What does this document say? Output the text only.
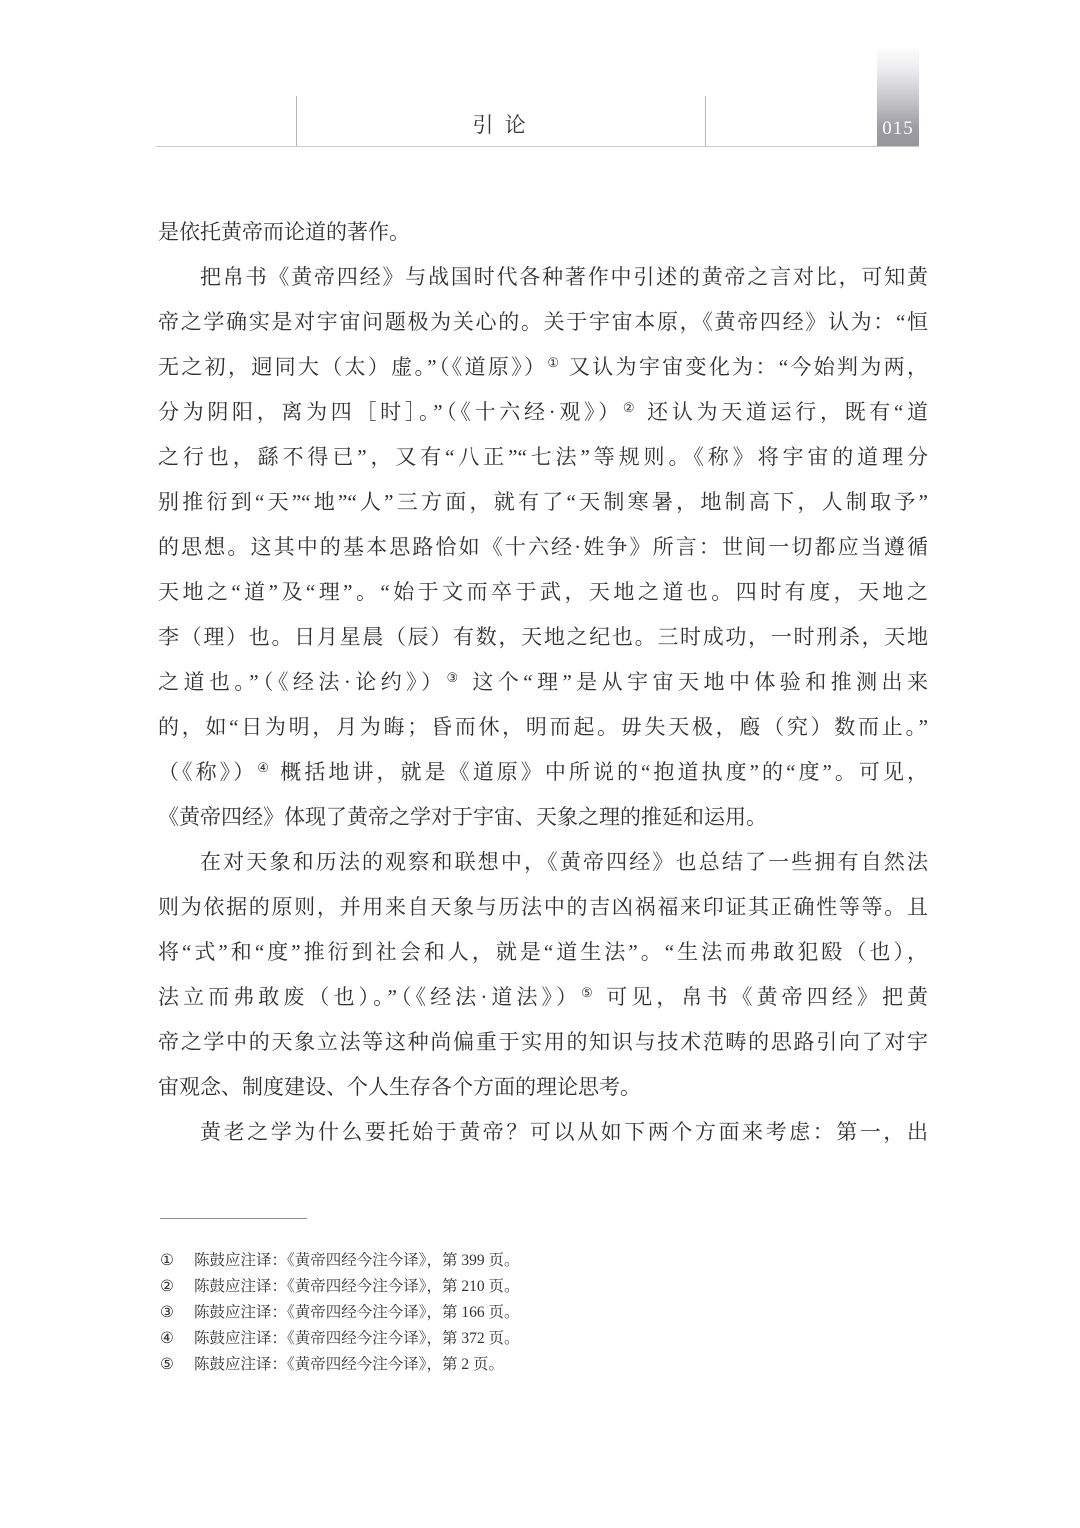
015
引 论
是依托黄帝而论道的著作。
把帛书《黄帝四经》与战国时代各种著作中引述的黄帝之言对比，可知黄
帝之学确实是对宇宙问题极为关心的。关于宇宙本原，《黄帝四经》认为：“恒
无之初，迵同大（太）虚。”（《道原》）① 又认为宇宙变化为：“今始判为两，
分为阴阳，离为四［时］。”（《十六经·观》）② 还认为天道运行，既有“道
之行也，繇不得已”，又有“八正”“七法”等规则。《称》将宇宙的道理分
别推衍到“天”“地”“人”三方面，就有了“天制寒暑，地制高下，人制取予”
的思想。这其中的基本思路恰如《十六经·姓争》所言：世间一切都应当遵循
天地之“道”及“理”。“始于文而卒于武，天地之道也。四时有度，天地之
李（理）也。日月星晨（辰）有数，天地之纪也。三时成功，一时刑杀，天地
之道也。”（《经法·论约》）③ 这个“理”是从宇宙天地中体验和推测出来
的，如“日为明，月为晦；昏而休，明而起。毋失天极，廏（究）数而止。”
（《称》）④ 概括地讲，就是《道原》中所说的“抱道执度”的“度”。可见，
《黄帝四经》体现了黄帝之学对于宇宙、天象之理的推延和运用。
在对天象和历法的观察和联想中，《黄帝四经》也总结了一些拥有自然法
则为依据的原则，并用来自天象与历法中的吉凶祸福来印证其正确性等等。且
将“式”和“度”推衍到社会和人，就是“道生法”。“生法而弗敢犯殹（也），
法立而弗敢废（也）。”（《经法·道法》）⑤ 可见，帛书《黄帝四经》把黄
帝之学中的天象立法等这种尚偏重于实用的知识与技术范畴的思路引向了对宇
宙观念、制度建设、个人生存各个方面的理论思考。
黄老之学为什么要托始于黄帝？可以从如下两个方面来考虑：第一，出
①	陈鼓应注译：《黄帝四经今注今译》，第 399 页。
②	陈鼓应注译：《黄帝四经今注今译》，第 210 页。
③	陈鼓应注译：《黄帝四经今注今译》，第 166 页。
④	陈鼓应注译：《黄帝四经今注今译》，第 372 页。
⑤	陈鼓应注译：《黄帝四经今注今译》，第 2 页。
